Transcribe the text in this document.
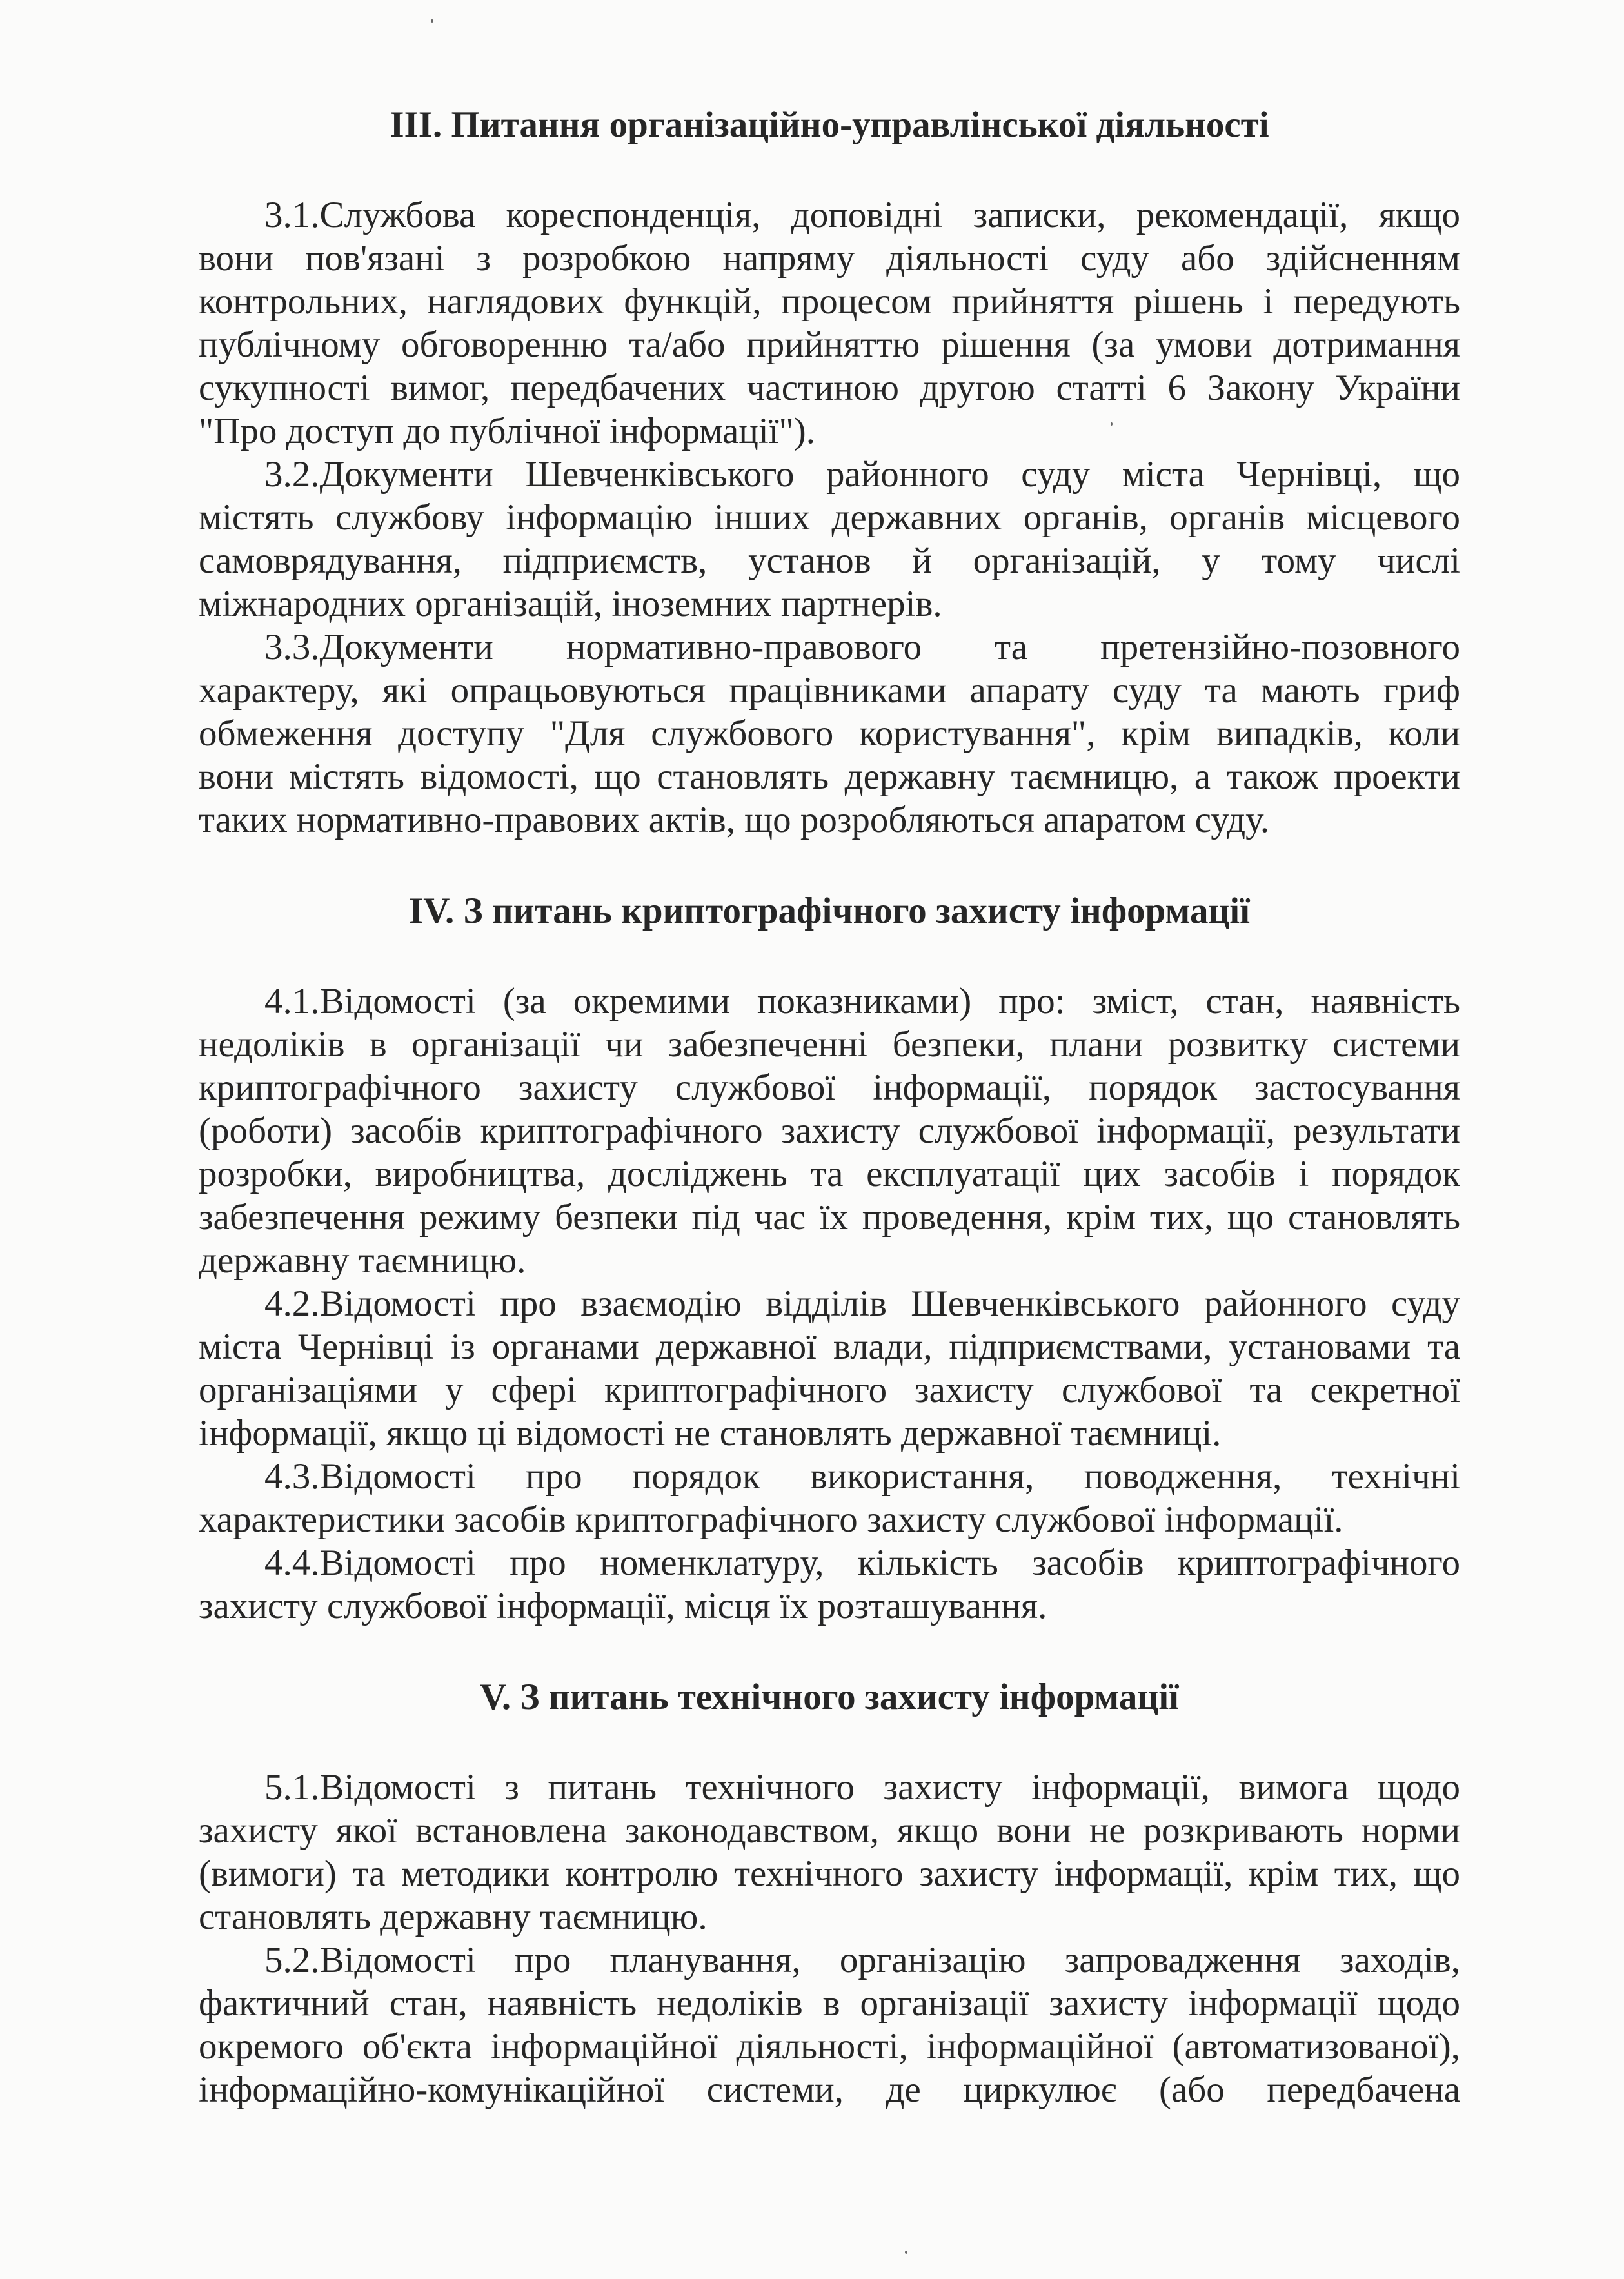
III. Питання організаційно-управлінської діяльності
3.1.Службова кореспонденція, доповідні записки, рекомендації, якщо
вони пов'язані з розробкою напряму діяльності суду або здійсненням
контрольних, наглядових функцій, процесом прийняття рішень і передують
публічному обговоренню та/або прийняттю рішення (за умови дотримання
сукупності вимог, передбачених частиною другою статті 6 Закону України
"Про доступ до публічної інформації").
3.2.Документи Шевченківського районного суду міста Чернівці, що
містять службову інформацію інших державних органів, органів місцевого
самоврядування, підприємств, установ й організацій, у тому числі
міжнародних організацій, іноземних партнерів.
3.3.Документи нормативно-правового та претензійно-позовного
характеру, які опрацьовуються працівниками апарату суду та мають гриф
обмеження доступу "Для службового користування", крім випадків, коли
вони містять відомості, що становлять державну таємницю, а також проекти
таких нормативно-правових актів, що розробляються апаратом суду.
IV. З питань криптографічного захисту інформації
4.1.Відомості (за окремими показниками) про: зміст, стан, наявність
недоліків в організації чи забезпеченні безпеки, плани розвитку системи
криптографічного захисту службової інформації, порядок застосування
(роботи) засобів криптографічного захисту службової інформації, результати
розробки, виробництва, досліджень та експлуатації цих засобів і порядок
забезпечення режиму безпеки під час їх проведення, крім тих, що становлять
державну таємницю.
4.2.Відомості про взаємодію відділів Шевченківського районного суду
міста Чернівці із органами державної влади, підприємствами, установами та
організаціями у сфері криптографічного захисту службової та секретної
інформації, якщо ці відомості не становлять державної таємниці.
4.3.Відомості про порядок використання, поводження, технічні
характеристики засобів криптографічного захисту службової інформації.
4.4.Відомості про номенклатуру, кількість засобів криптографічного
захисту службової інформації, місця їх розташування.
V. З питань технічного захисту інформації
5.1.Відомості з питань технічного захисту інформації, вимога щодо
захисту якої встановлена законодавством, якщо вони не розкривають норми
(вимоги) та методики контролю технічного захисту інформації, крім тих, що
становлять державну таємницю.
5.2.Відомості про планування, організацію запровадження заходів,
фактичний стан, наявність недоліків в організації захисту інформації щодо
окремого об'єкта інформаційної діяльності, інформаційної (автоматизованої),
інформаційно-комунікаційної системи, де циркулює (або передбачена
